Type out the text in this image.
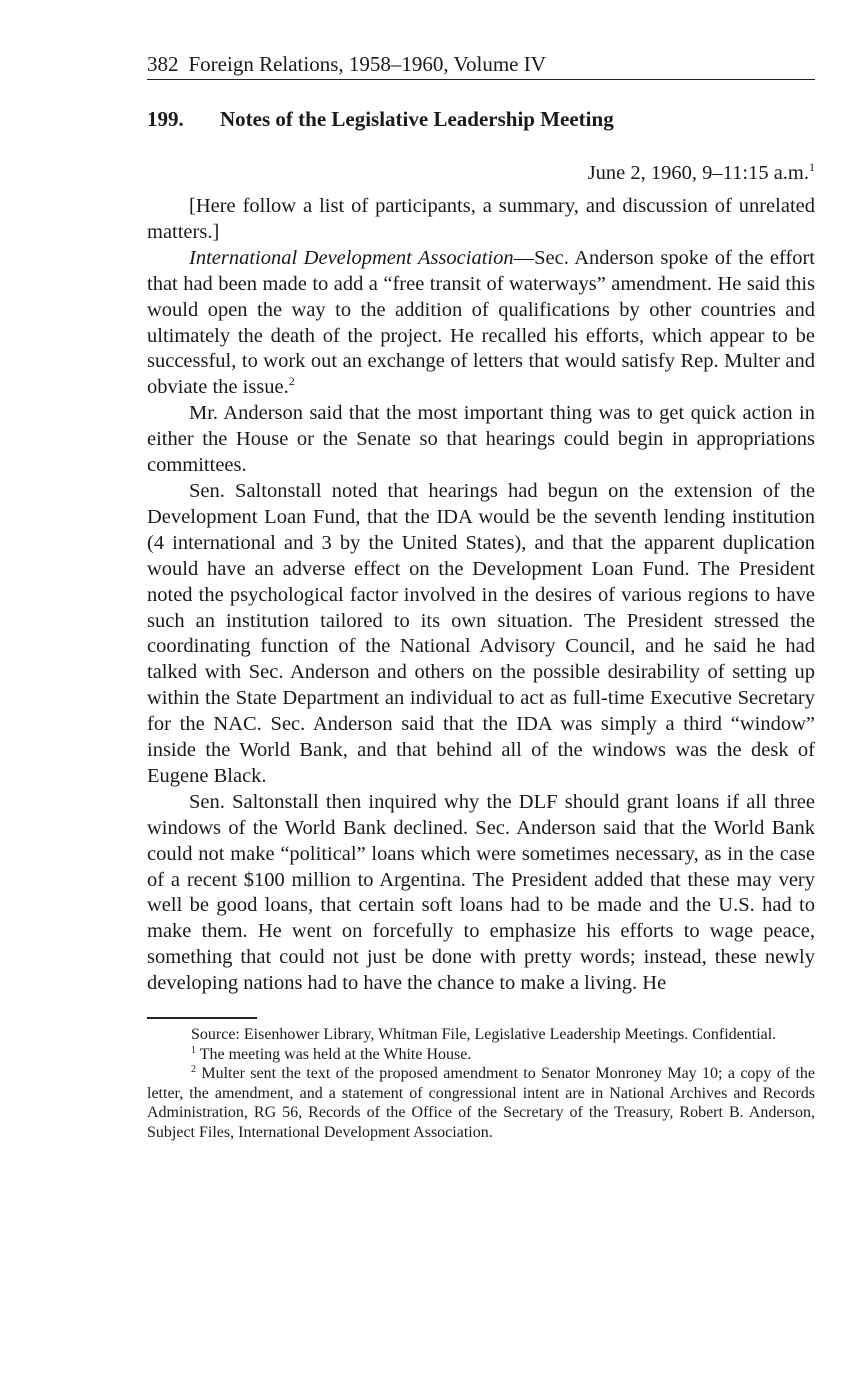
382 Foreign Relations, 1958–1960, Volume IV
199. Notes of the Legislative Leadership Meeting
June 2, 1960, 9–11:15 a.m.$^1$

[Here follow a list of participants, a summary, and discussion of unrelated matters.]

International Development Association—Sec. Anderson spoke of the effort that had been made to add a “free transit of waterways” amendment. He said this would open the way to the addition of qualifications by other countries and ultimately the death of the project. He recalled his efforts, which appear to be successful, to work out an exchange of letters that would satisfy Rep. Multer and obviate the issue.$^2$

Mr. Anderson said that the most important thing was to get quick action in either the House or the Senate so that hearings could begin in appropriations committees.

Sen. Saltonstall noted that hearings had begun on the extension of the Development Loan Fund, that the IDA would be the seventh lending institution (4 international and 3 by the United States), and that the apparent duplication would have an adverse effect on the Development Loan Fund. The President noted the psychological factor involved in the desires of various regions to have such an institution tailored to its own situation. The President stressed the coordinating function of the National Advisory Council, and he said he had talked with Sec. Anderson and others on the possible desirability of setting up within the State Department an individual to act as full-time Executive Secretary for the NAC. Sec. Anderson said that the IDA was simply a third “window” inside the World Bank, and that behind all of the windows was the desk of Eugene Black.

Sen. Saltonstall then inquired why the DLF should grant loans if all three windows of the World Bank declined. Sec. Anderson said that the World Bank could not make “political” loans which were sometimes necessary, as in the case of a recent $100 million to Argentina. The President added that these may very well be good loans, that certain soft loans had to be made and the U.S. had to make them. He went on forcefully to emphasize his efforts to wage peace, something that could not just be done with pretty words; instead, these newly developing nations had to have the chance to make a living. He

Source: Eisenhower Library, Whitman File, Legislative Leadership Meetings. Confidential.

$^1$ The meeting was held at the White House.

$^2$ Multer sent the text of the proposed amendment to Senator Monroney May 10; a copy of the letter, the amendment, and a statement of congressional intent are in National Archives and Records Administration, RG 56, Records of the Office of the Secretary of the Treasury, Robert B. Anderson, Subject Files, International Development Association.
